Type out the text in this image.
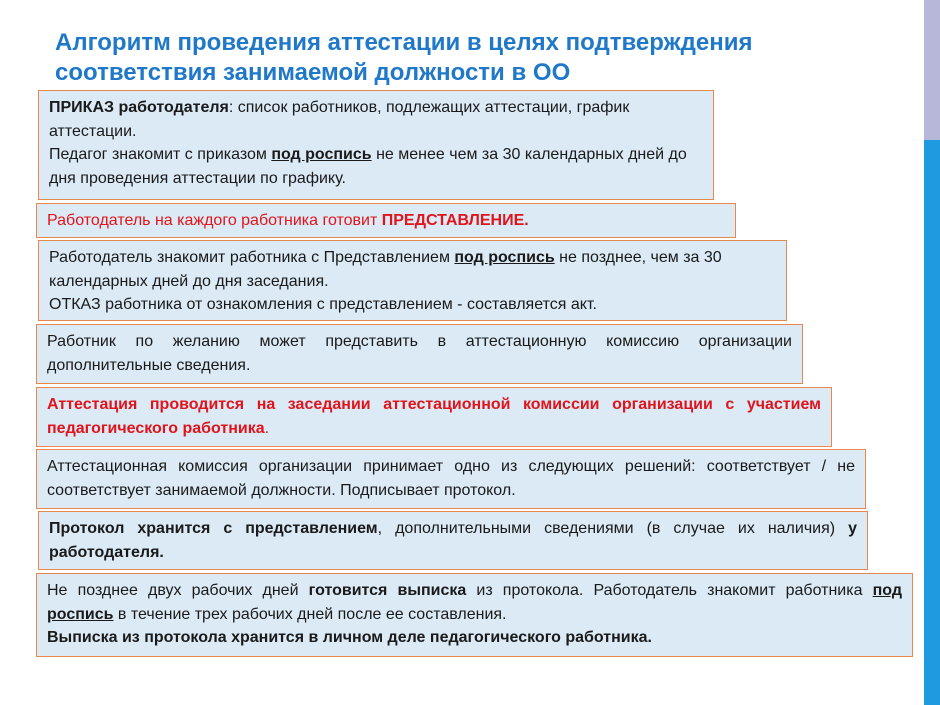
Алгоритм проведения аттестации в целях подтверждения соответствия занимаемой должности в ОО
ПРИКАЗ работодателя: список работников, подлежащих аттестации, график аттестации.
Педагог знакомит с приказом под роспись не менее чем за 30 календарных дней до дня проведения аттестации по графику.
Работодатель на каждого работника готовит ПРЕДСТАВЛЕНИЕ.
Работодатель знакомит работника с Представлением под роспись не позднее, чем за 30 календарных дней до дня заседания.
ОТКАЗ работника от ознакомления с представлением - составляется акт.
Работник по желанию может представить в аттестационную комиссию организации дополнительные сведения.
Аттестация проводится на заседании аттестационной комиссии организации с участием педагогического работника.
Аттестационная комиссия организации принимает одно из следующих решений: соответствует / не соответствует занимаемой должности. Подписывает протокол.
Протокол хранится с представлением, дополнительными сведениями (в случае их наличия) у работодателя.
Не позднее двух рабочих дней готовится выписка из протокола. Работодатель знакомит работника под роспись в течение трех рабочих дней после ее составления.
Выписка из протокола хранится в личном деле педагогического работника.
